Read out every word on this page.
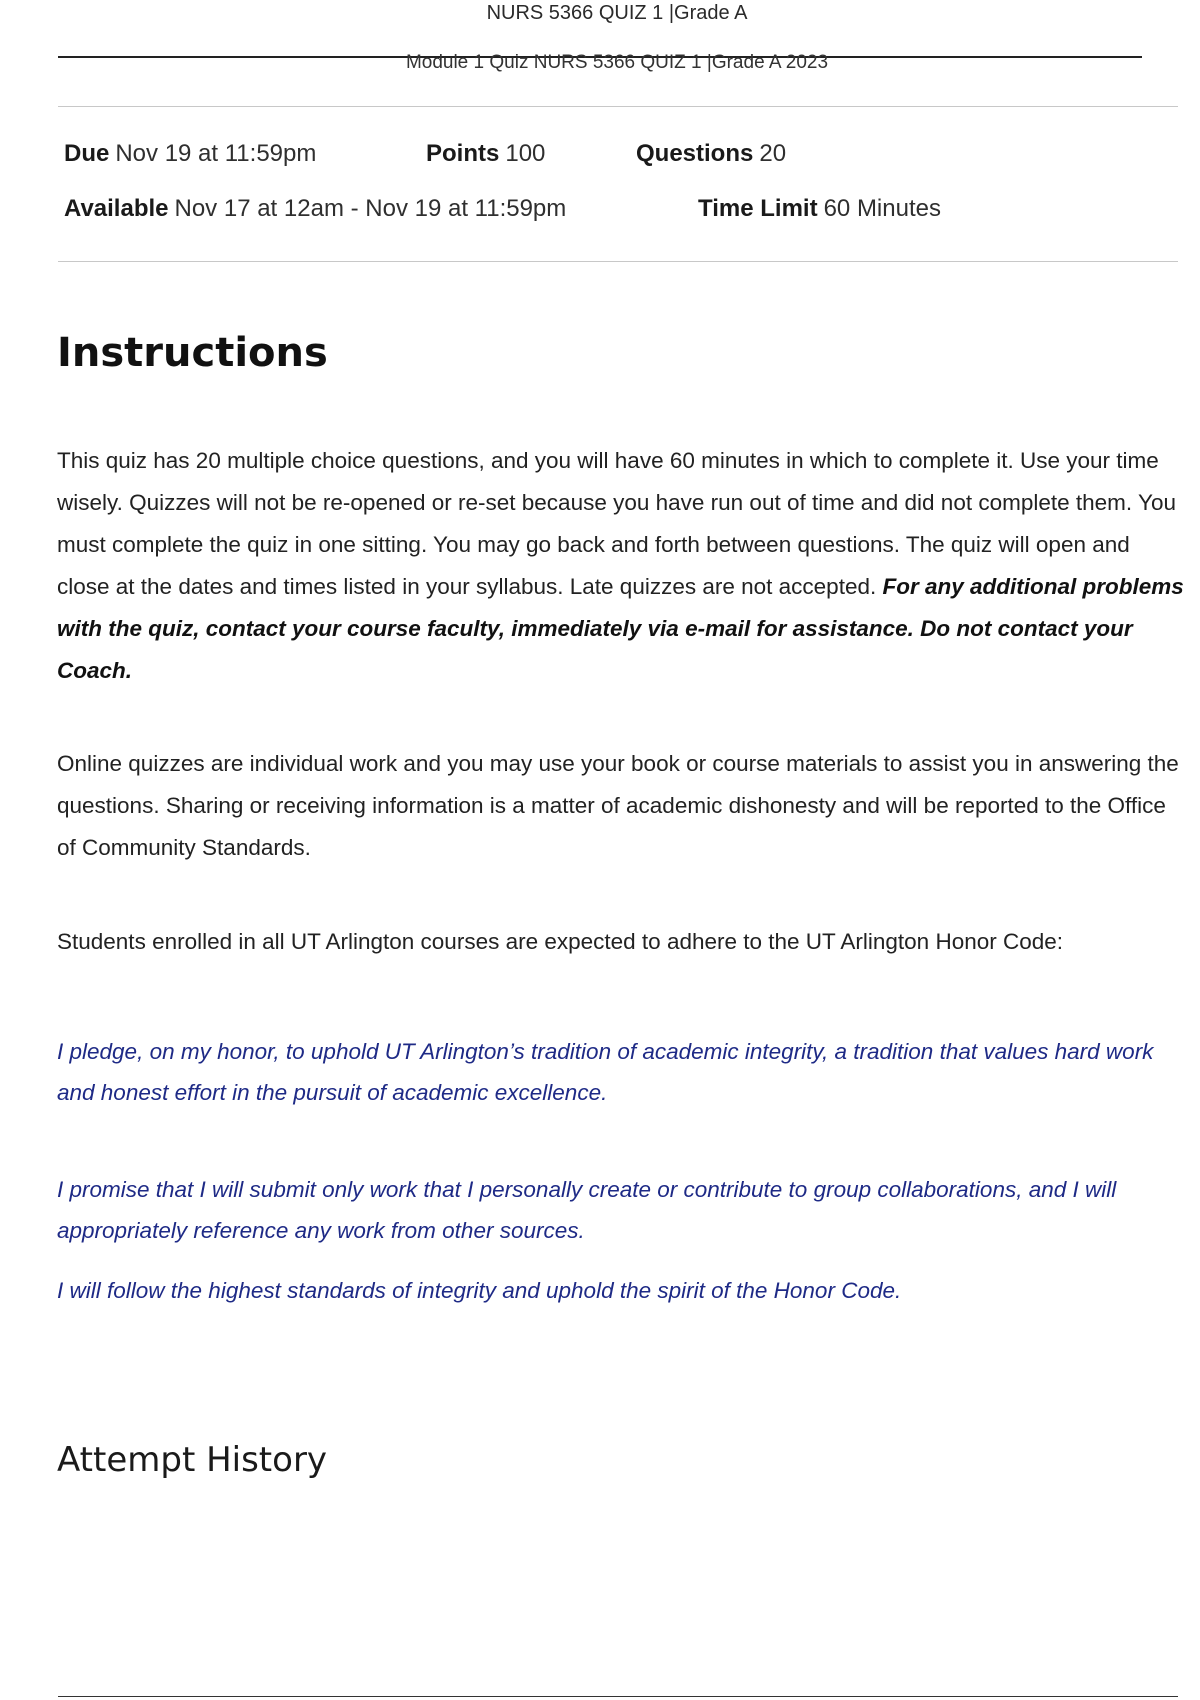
NURS 5366 QUIZ 1 |Grade A
Module 1 Quiz NURS 5366 QUIZ 1 |Grade A 2023
Due Nov 19 at 11:59pm	Points 100	Questions 20
Available Nov 17 at 12am - Nov 19 at 11:59pm	Time Limit 60 Minutes
Instructions

This quiz has 20 multiple choice questions, and you will have 60 minutes in which to complete it. Use your time wisely. Quizzes will not be re-opened or re-set because you have run out of time and did not complete them. You must complete the quiz in one sitting. You may go back and forth between questions. The quiz will open and close at the dates and times listed in your syllabus. Late quizzes are not accepted. For any additional problems with the quiz, contact your course faculty, immediately via e-mail for assistance. Do not contact your Coach.

Online quizzes are individual work and you may use your book or course materials to assist you in answering the questions. Sharing or receiving information is a matter of academic dishonesty and will be reported to the Office of Community Standards.

Students enrolled in all UT Arlington courses are expected to adhere to the UT Arlington Honor Code:

I pledge, on my honor, to uphold UT Arlington’s tradition of academic integrity, a tradition that values hard work and honest effort in the pursuit of academic excellence.

I promise that I will submit only work that I personally create or contribute to group collaborations, and I will appropriately reference any work from other sources.

I will follow the highest standards of integrity and uphold the spirit of the Honor Code.

Attempt History
